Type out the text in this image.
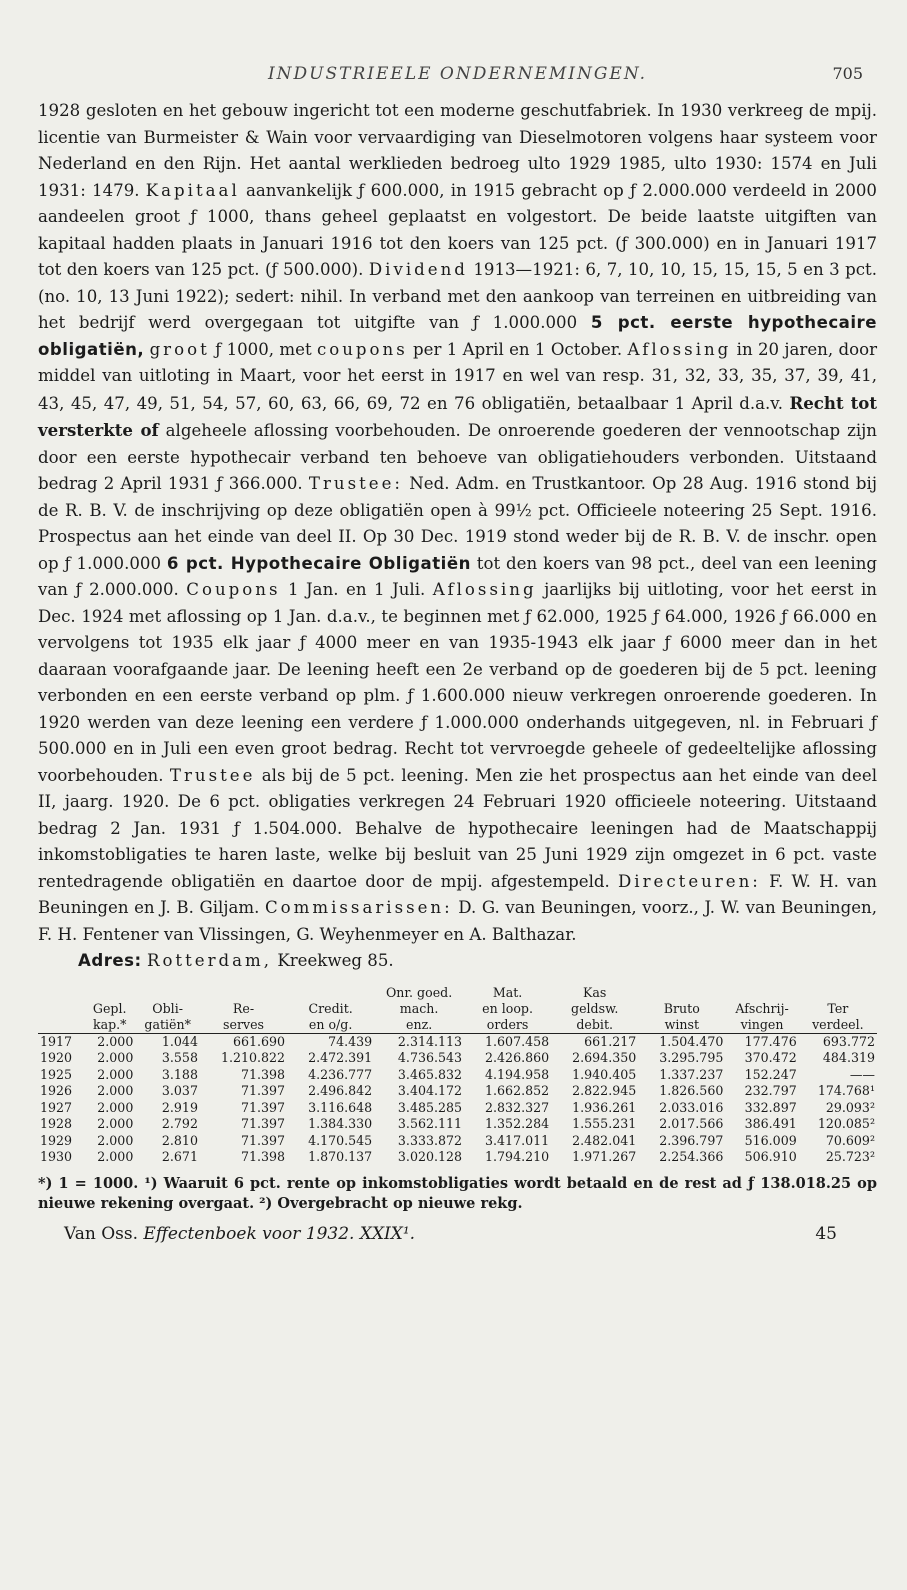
INDUSTRIEELE ONDERNEMINGEN.	705
1928 gesloten en het gebouw ingericht tot een moderne geschutfabriek. In 1930 verkreeg de mpij. licentie van Burmeister & Wain voor vervaardiging van Dieselmotoren volgens haar systeem voor Nederland en den Rijn. Het aantal werklieden bedroeg ulto 1929 1985, ulto 1930: 1574 en Juli 1931: 1479. Kapitaal aanvankelijk ƒ 600.000, in 1915 gebracht op ƒ 2.000.000 verdeeld in 2000 aandeelen groot ƒ 1000, thans geheel geplaatst en volgestort. De beide laatste uitgiften van kapitaal hadden plaats in Januari 1916 tot den koers van 125 pct. (ƒ 300.000) en in Januari 1917 tot den koers van 125 pct. (ƒ 500.000). Dividend 1913—1921: 6, 7, 10, 10, 15, 15, 15, 5 en 3 pct. (no. 10, 13 Juni 1922); sedert: nihil. In verband met den aankoop van terreinen en uitbreiding van het bedrijf werd overgegaan tot uitgifte van ƒ 1.000.000 5 pct. eerste hypothecaire obligatiën, groot ƒ 1000, met coupons per 1 April en 1 October. Aflossing in 20 jaren, door middel van uitloting in Maart, voor het eerst in 1917 en wel van resp. 31, 32, 33, 35, 37, 39, 41, 43, 45, 47, 49, 51, 54, 57, 60, 63, 66, 69, 72 en 76 obligatiën, betaalbaar 1 April d.a.v. Recht tot versterkte of algeheele aflossing voorbehouden. De onroerende goederen der vennootschap zijn door een eerste hypothecair verband ten behoeve van obligatiehouders verbonden. Uitstaand bedrag 2 April 1931 ƒ 366.000. Trustee: Ned. Adm. en Trustkantoor. Op 28 Aug. 1916 stond bij de R. B. V. de inschrijving op deze obligatiën open à 99½ pct. Officieele noteering 25 Sept. 1916. Prospectus aan het einde van deel II. Op 30 Dec. 1919 stond weder bij de R. B. V. de inschr. open op ƒ 1.000.000 6 pct. Hypothecaire Obligatiën tot den koers van 98 pct., deel van een leening van ƒ 2.000.000. Coupons 1 Jan. en 1 Juli. Aflossing jaarlijks bij uitloting, voor het eerst in Dec. 1924 met aflossing op 1 Jan. d.a.v., te beginnen met ƒ 62.000, 1925 ƒ 64.000, 1926 ƒ 66.000 en vervolgens tot 1935 elk jaar ƒ 4000 meer en van 1935-1943 elk jaar ƒ 6000 meer dan in het daaraan voorafgaande jaar. De leening heeft een 2e verband op de goederen bij de 5 pct. leening verbonden en een eerste verband op plm. ƒ 1.600.000 nieuw verkregen onroerende goederen. In 1920 werden van deze leening een verdere ƒ 1.000.000 onderhands uitgegeven, nl. in Februari ƒ 500.000 en in Juli een even groot bedrag. Recht tot vervroegde geheele of gedeeltelijke aflossing voorbehouden. Trustee als bij de 5 pct. leening. Men zie het prospectus aan het einde van deel II, jaarg. 1920. De 6 pct. obligaties verkregen 24 Februari 1920 officieele noteering. Uitstaand bedrag 2 Jan. 1931 ƒ 1.504.000. Behalve de hypothecaire leeningen had de Maatschappij inkomstobligaties te haren laste, welke bij besluit van 25 Juni 1929 zijn omgezet in 6 pct. vaste rentedragende obligatiën en daartoe door de mpij. afgestempeld. Directeuren: F. W. H. van Beuningen en J. B. Giljam. Commissarissen: D. G. van Beuningen, voorz., J. W. van Beuningen, F. H. Fentener van Vlissingen, G. Weyhenmeyer en A. Balthazar.
Adres: Rotterdam, Kreekweg 85.
					Onr. goed.	Mat.	Kas			
	Gepl.	Obli-	Re-	Credit.	mach.	en loop.	geldsw.	Bruto	Afschrij-	Ter
	kap.*	gatiën*	serves	en o/g.	enz.	orders	debit.	winst	vingen	verdeel.
1917	2.000	1.044	661.690	74.439	2.314.113	1.607.458	661.217	1.504.470	177.476	693.772
1920	2.000	3.558	1.210.822	2.472.391	4.736.543	2.426.860	2.694.350	3.295.795	370.472	484.319
1925	2.000	3.188	71.398	4.236.777	3.465.832	4.194.958	1.940.405	1.337.237	152.247	——
1926	2.000	3.037	71.397	2.496.842	3.404.172	1.662.852	2.822.945	1.826.560	232.797	174.768¹
1927	2.000	2.919	71.397	3.116.648	3.485.285	2.832.327	1.936.261	2.033.016	332.897	29.093²
1928	2.000	2.792	71.397	1.384.330	3.562.111	1.352.284	1.555.231	2.017.566	386.491	120.085²
1929	2.000	2.810	71.397	4.170.545	3.333.872	3.417.011	2.482.041	2.396.797	516.009	70.609²
1930	2.000	2.671	71.398	1.870.137	3.020.128	1.794.210	1.971.267	2.254.366	506.910	25.723²
*) 1 = 1000. ¹) Waaruit 6 pct. rente op inkomstobligaties wordt betaald en de rest ad ƒ 138.018.25 op nieuwe rekening overgaat. ²) Overgebracht op nieuwe rekg.
Van Oss. Effectenboek voor 1932. XXIX¹.	45
